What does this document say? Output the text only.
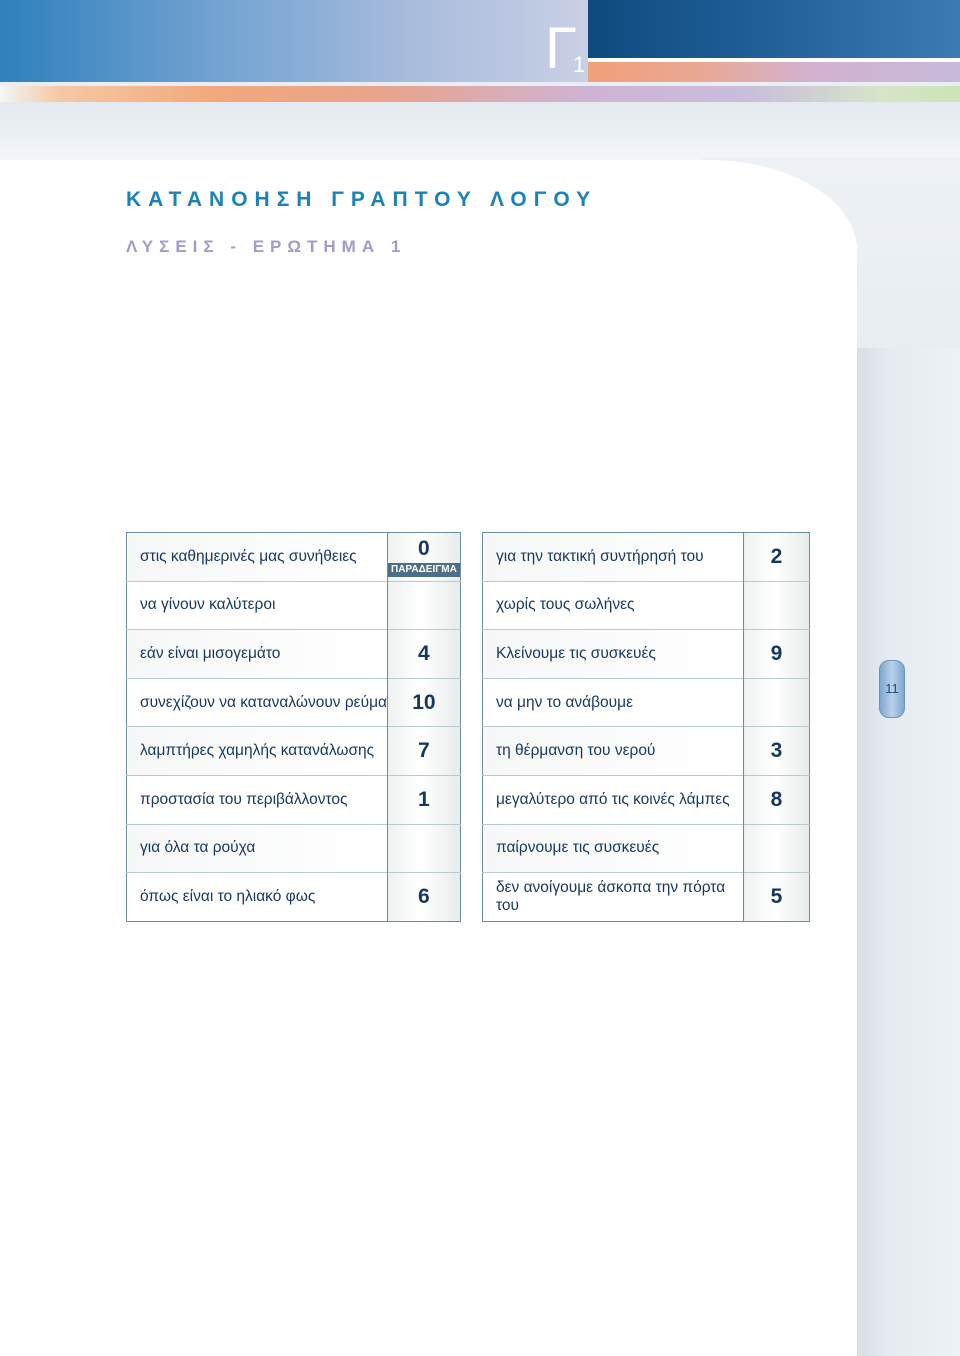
Γ1
11
ΚΑΤΑΝΟΗΣΗ ΓΡΑΠΤΟΥ ΛΟΓΟΥ
ΛΥΣΕΙΣ - ΕΡΩΤΗΜΑ 1
στις καθημερινές μας συνήθειες	0
ΠΑΡΑΔΕΙΓΜΑ

να γίνουν καλύτεροι	
εάν είναι μισογεμάτο	4
συνεχίζουν να καταναλώνουν ρεύμα	10
λαμπτήρες χαμηλής κατανάλωσης	7
προστασία του περιβάλλοντος	1
για όλα τα ρούχα	
όπως είναι το ηλιακό φως	6
για την τακτική συντήρησή του	2
χωρίς τους σωλήνες	
Κλείνουμε τις συσκευές	9
να μην το ανάβουμε	
τη θέρμανση του νερού	3
μεγαλύτερο από τις κοινές λάμπες	8
παίρνουμε τις συσκευές	
δεν ανοίγουμε άσκοπα την πόρτα του	5
